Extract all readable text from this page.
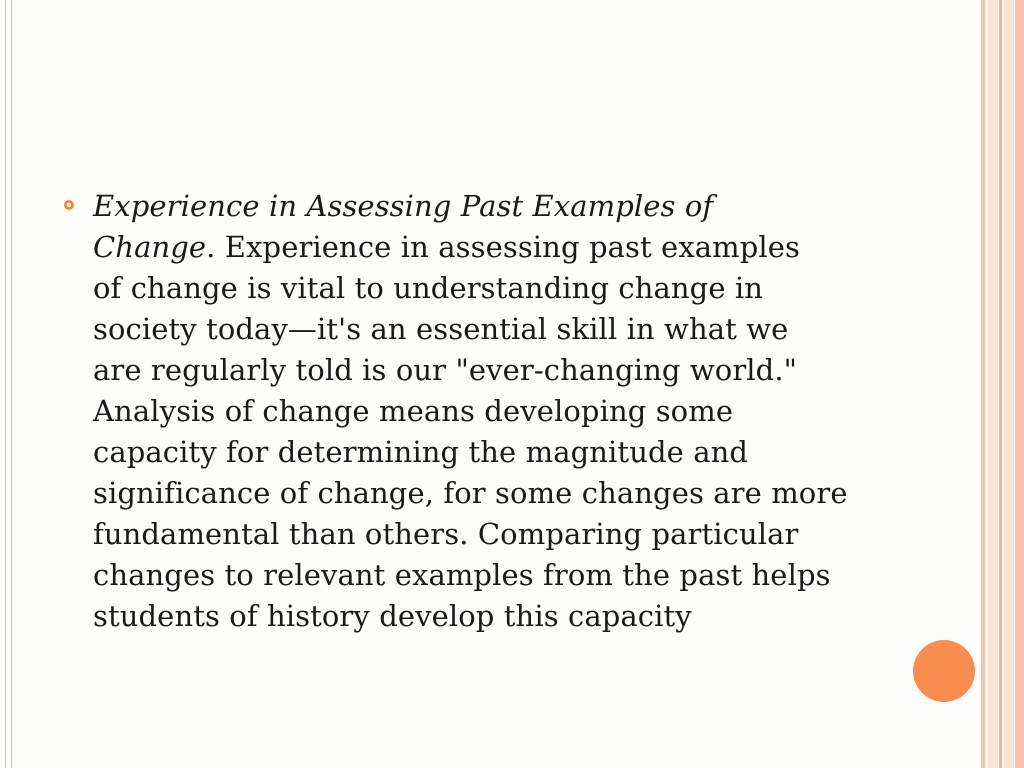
Experience in Assessing Past Examples of
Change. Experience in assessing past examples
of change is vital to understanding change in
society today—it's an essential skill in what we
are regularly told is our "ever-changing world."
Analysis of change means developing some
capacity for determining the magnitude and
significance of change, for some changes are more
fundamental than others. Comparing particular
changes to relevant examples from the past helps
students of history develop this capacity
